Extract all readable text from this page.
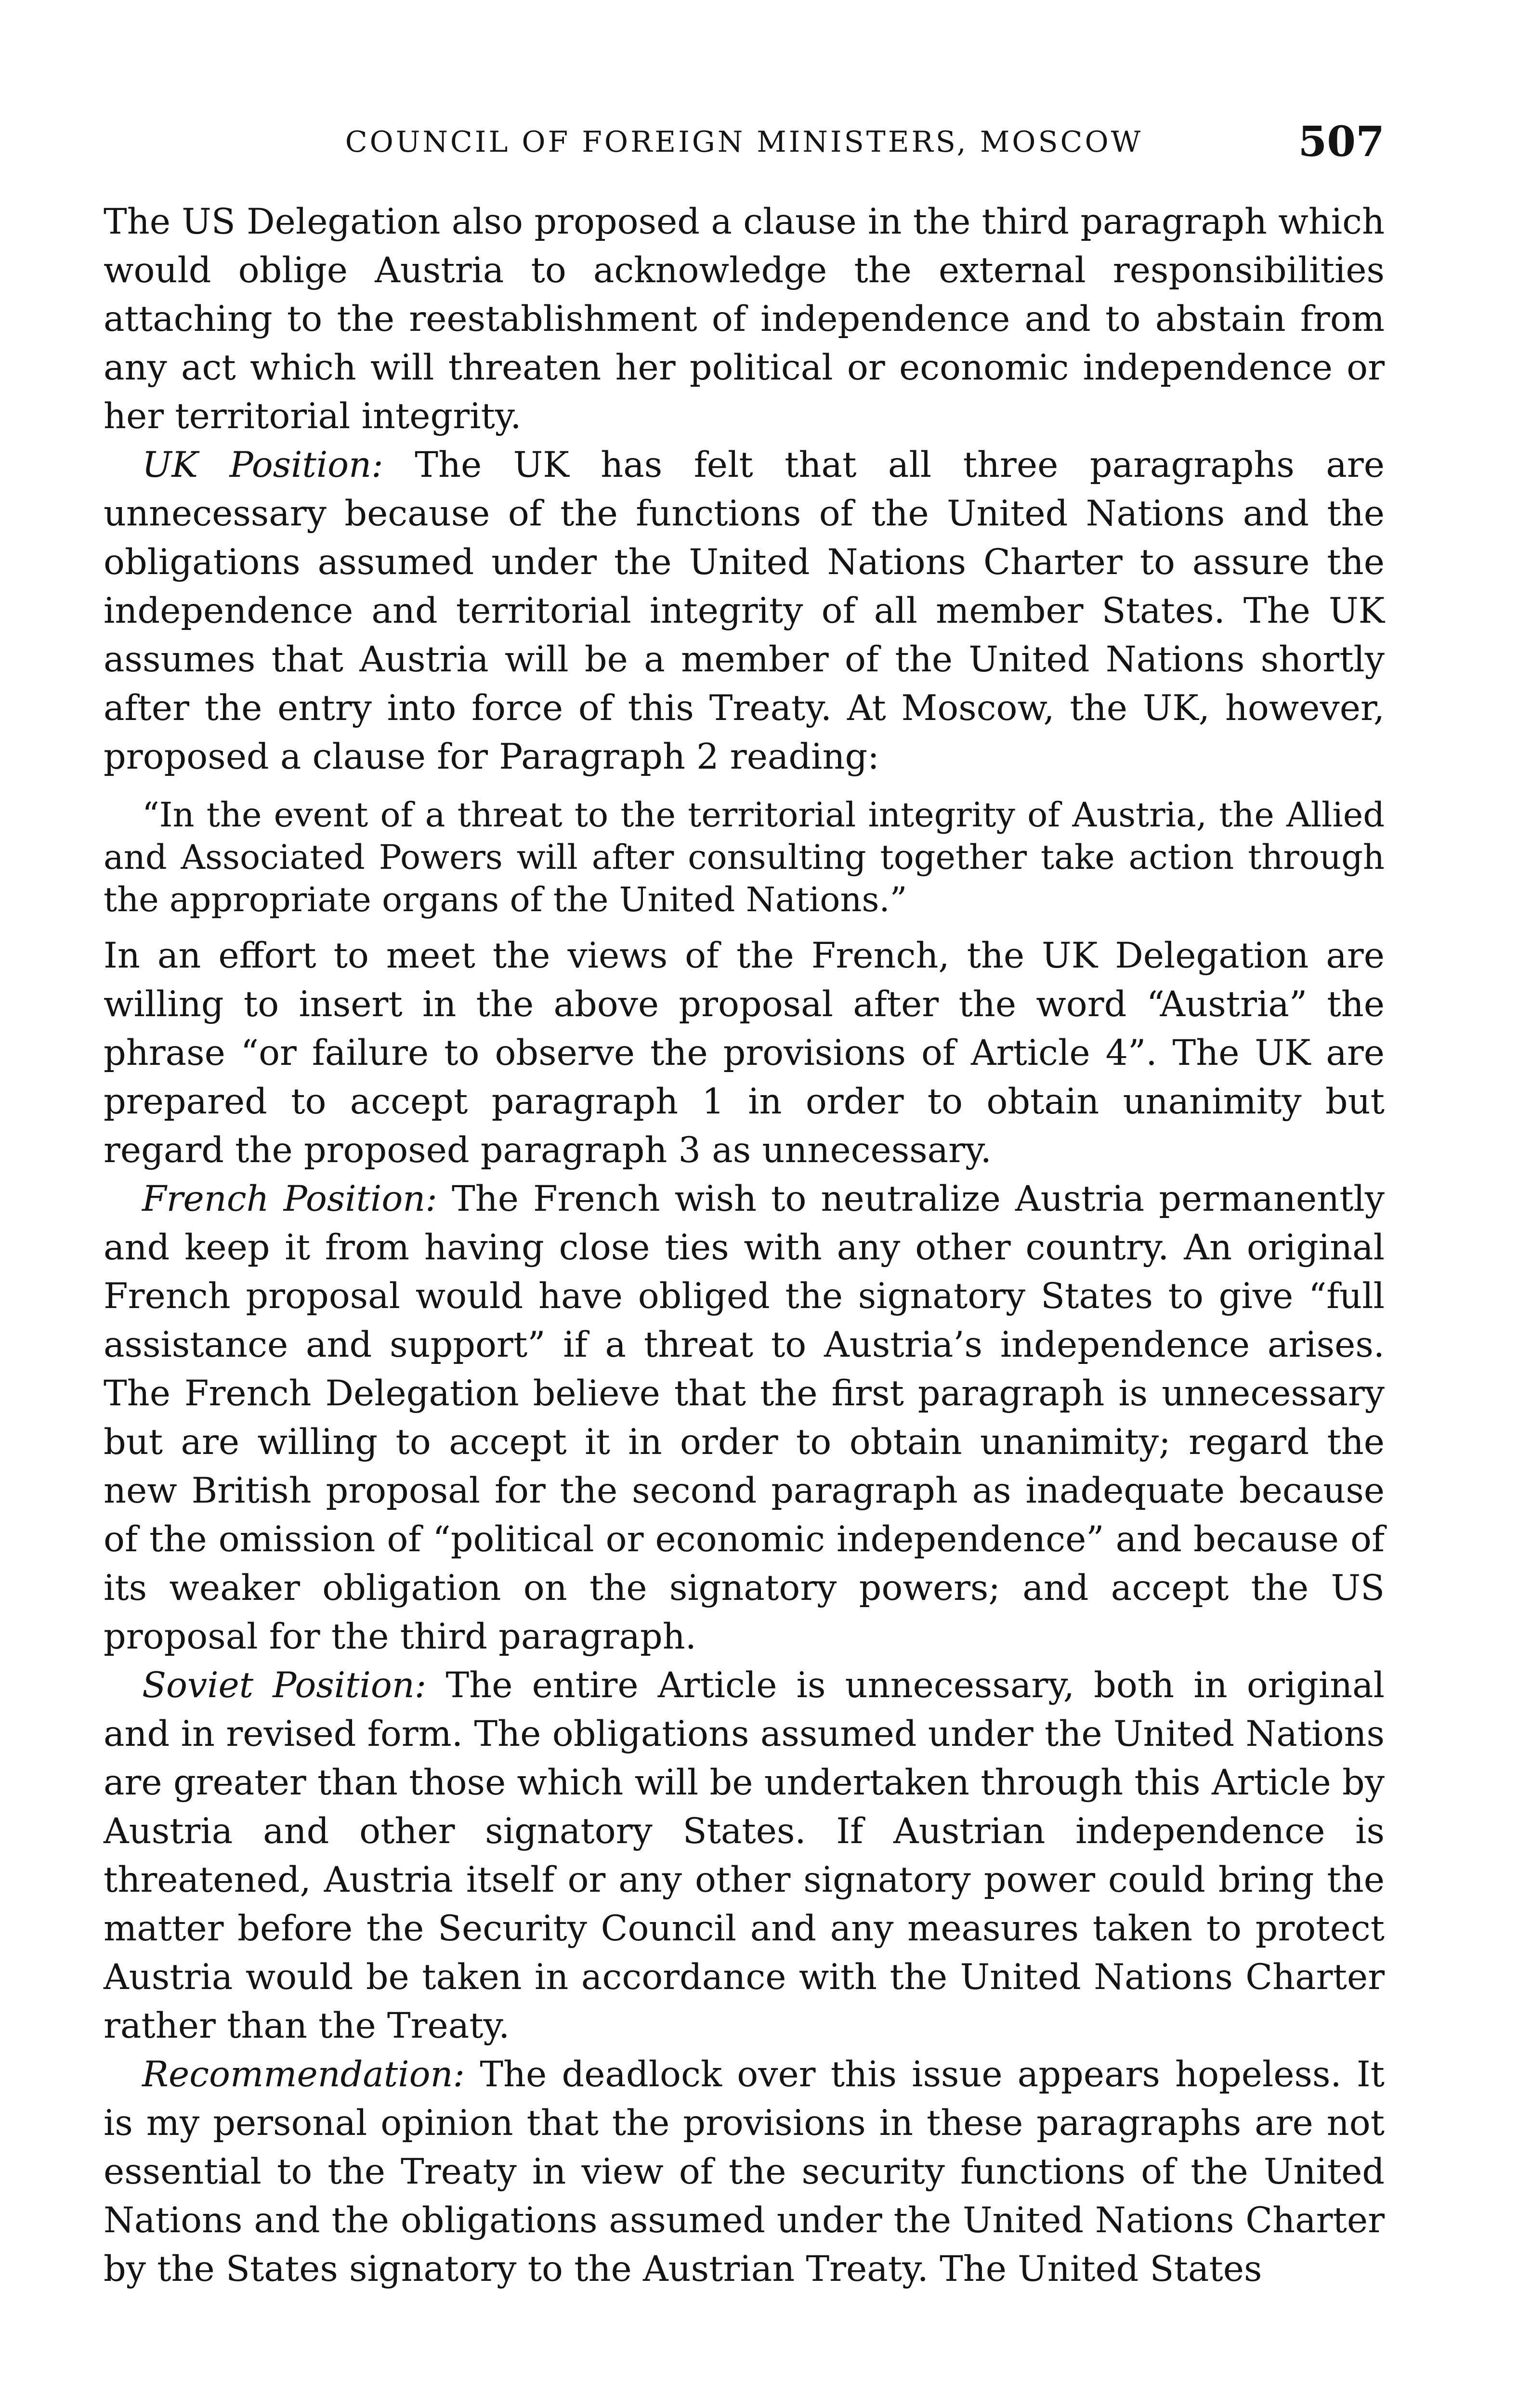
COUNCIL OF FOREIGN MINISTERS, MOSCOW	507

The US Delegation also proposed a clause in the third paragraph which would oblige Austria to acknowledge the external responsibilities attaching to the reestablishment of independence and to abstain from any act which will threaten her political or economic independence or her territorial integrity.

UK Position: The UK has felt that all three paragraphs are unnecessary because of the functions of the United Nations and the obligations assumed under the United Nations Charter to assure the independence and territorial integrity of all member States. The UK assumes that Austria will be a member of the United Nations shortly after the entry into force of this Treaty. At Moscow, the UK, however, proposed a clause for Paragraph 2 reading:

“In the event of a threat to the territorial integrity of Austria, the Allied and Associated Powers will after consulting together take action through the appropriate organs of the United Nations.”

In an effort to meet the views of the French, the UK Delegation are willing to insert in the above proposal after the word “Austria” the phrase “or failure to observe the provisions of Article 4”. The UK are prepared to accept paragraph 1 in order to obtain unanimity but regard the proposed paragraph 3 as unnecessary.

French Position: The French wish to neutralize Austria permanently and keep it from having close ties with any other country. An original French proposal would have obliged the signatory States to give “full assistance and support” if a threat to Austria’s independence arises. The French Delegation believe that the first paragraph is unnecessary but are willing to accept it in order to obtain unanimity; regard the new British proposal for the second paragraph as inadequate because of the omission of “political or economic independence” and because of its weaker obligation on the signatory powers; and accept the US proposal for the third paragraph.

Soviet Position: The entire Article is unnecessary, both in original and in revised form. The obligations assumed under the United Nations are greater than those which will be undertaken through this Article by Austria and other signatory States. If Austrian independence is threatened, Austria itself or any other signatory power could bring the matter before the Security Council and any measures taken to protect Austria would be taken in accordance with the United Nations Charter rather than the Treaty.

Recommendation: The deadlock over this issue appears hopeless. It is my personal opinion that the provisions in these paragraphs are not essential to the Treaty in view of the security functions of the United Nations and the obligations assumed under the United Nations Charter by the States signatory to the Austrian Treaty. The United States
